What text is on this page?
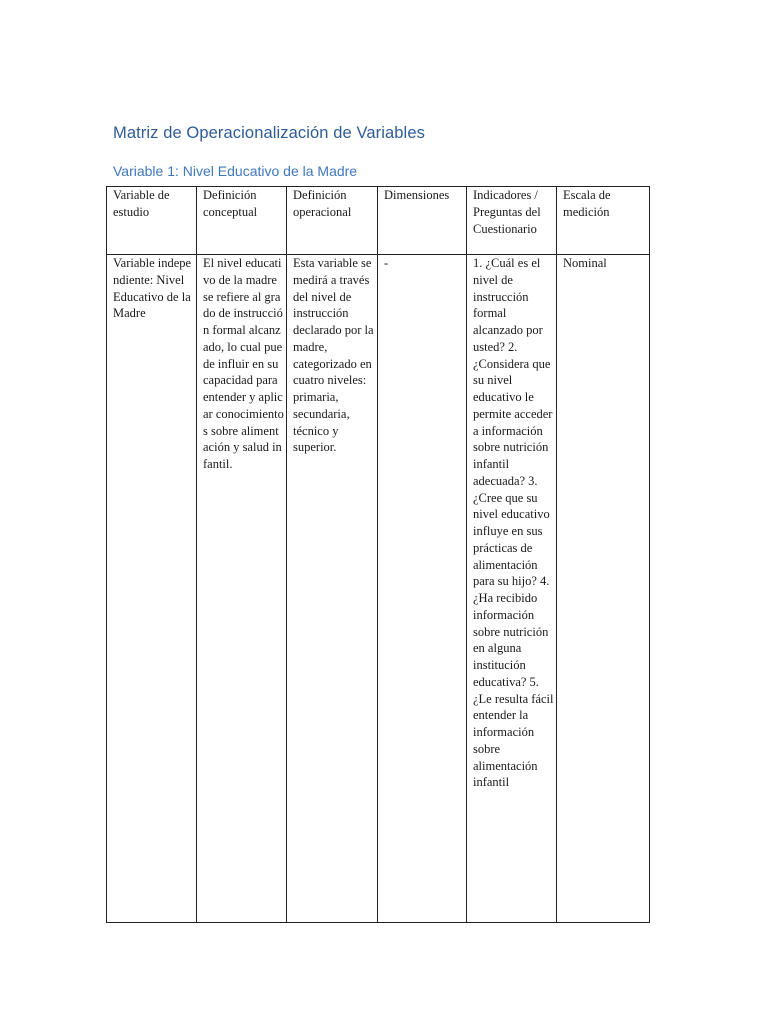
Matriz de Operacionalización de Variables
Variable 1: Nivel Educativo de la Madre
Variable de estudio	Definición conceptual	Definición operacional	Dimensiones	Indicadores / Preguntas del Cuestionario	Escala de medición
Variable independiente: Nivel Educativo de la Madre	El nivel educativo de la madre se refiere al grado de instrucción formal alcanzado, lo cual puede influir en su capacidad para entender y aplicar conocimientos sobre alimentación y salud infantil.	Esta variable se medirá a través del nivel de instrucción declarado por la madre, categorizado en cuatro niveles: primaria, secundaria, técnico y superior.	-	1. ¿Cuál es el nivel de instrucción formal alcanzado por usted? 2. ¿Considera que su nivel educativo le permite acceder a información sobre nutrición infantil adecuada? 3. ¿Cree que su nivel educativo influye en sus prácticas de alimentación para su hijo? 4. ¿Ha recibido información sobre nutrición en alguna institución educativa? 5. ¿Le resulta fácil entender la información sobre alimentación infantil	Nominal
